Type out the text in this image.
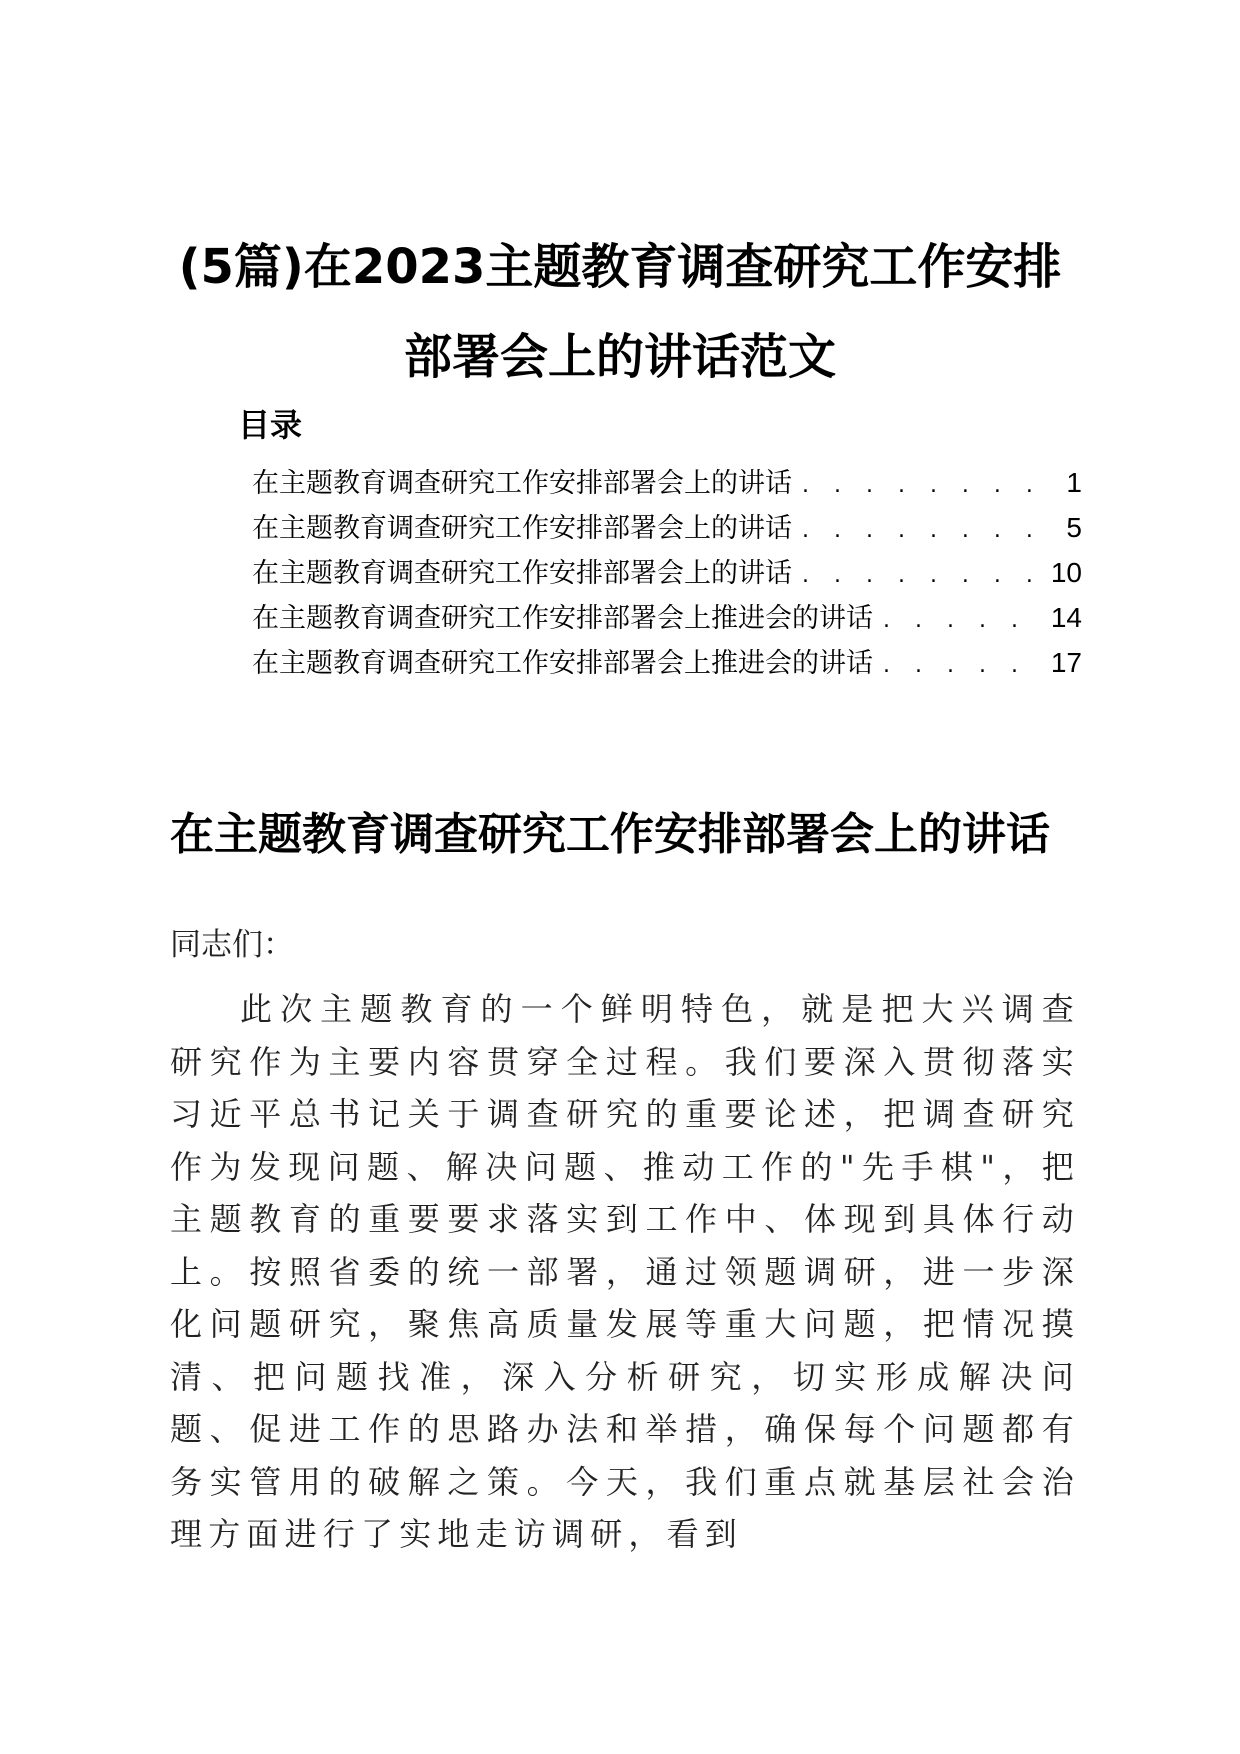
(5篇)在2023主题教育调查研究工作安排
部署会上的讲话范文
目录
在主题教育调查研究工作安排部署会上的讲话 . . .	1
在主题教育调查研究工作安排部署会上的讲话 . . .	5
在主题教育调查研究工作安排部署会上的讲话 . . .	10
在主题教育调查研究工作安排部署会上推进会的讲话 . . .	14
在主题教育调查研究工作安排部署会上推进会的讲话 . . .	17
在主题教育调查研究工作安排部署会上的讲话

同志们：

此次主题教育的一个鲜明特色，就是把大兴调查研究作为主要内容贯穿全过程。我们要深入贯彻落实习近平总书记关于调查研究的重要论述，把调查研究作为发现问题、解决问题、推动工作的"先手棋"，把主题教育的重要要求落实到工作中、体现到具体行动上。按照省委的统一部署，通过领题调研，进一步深化问题研究，聚焦高质量发展等重大问题，把情况摸清、把问题找准，深入分析研究，切实形成解决问题、促进工作的思路办法和举措，确保每个问题都有务实管用的破解之策。今天，我们重点就基层社会治理方面进行了实地走访调研，看到
